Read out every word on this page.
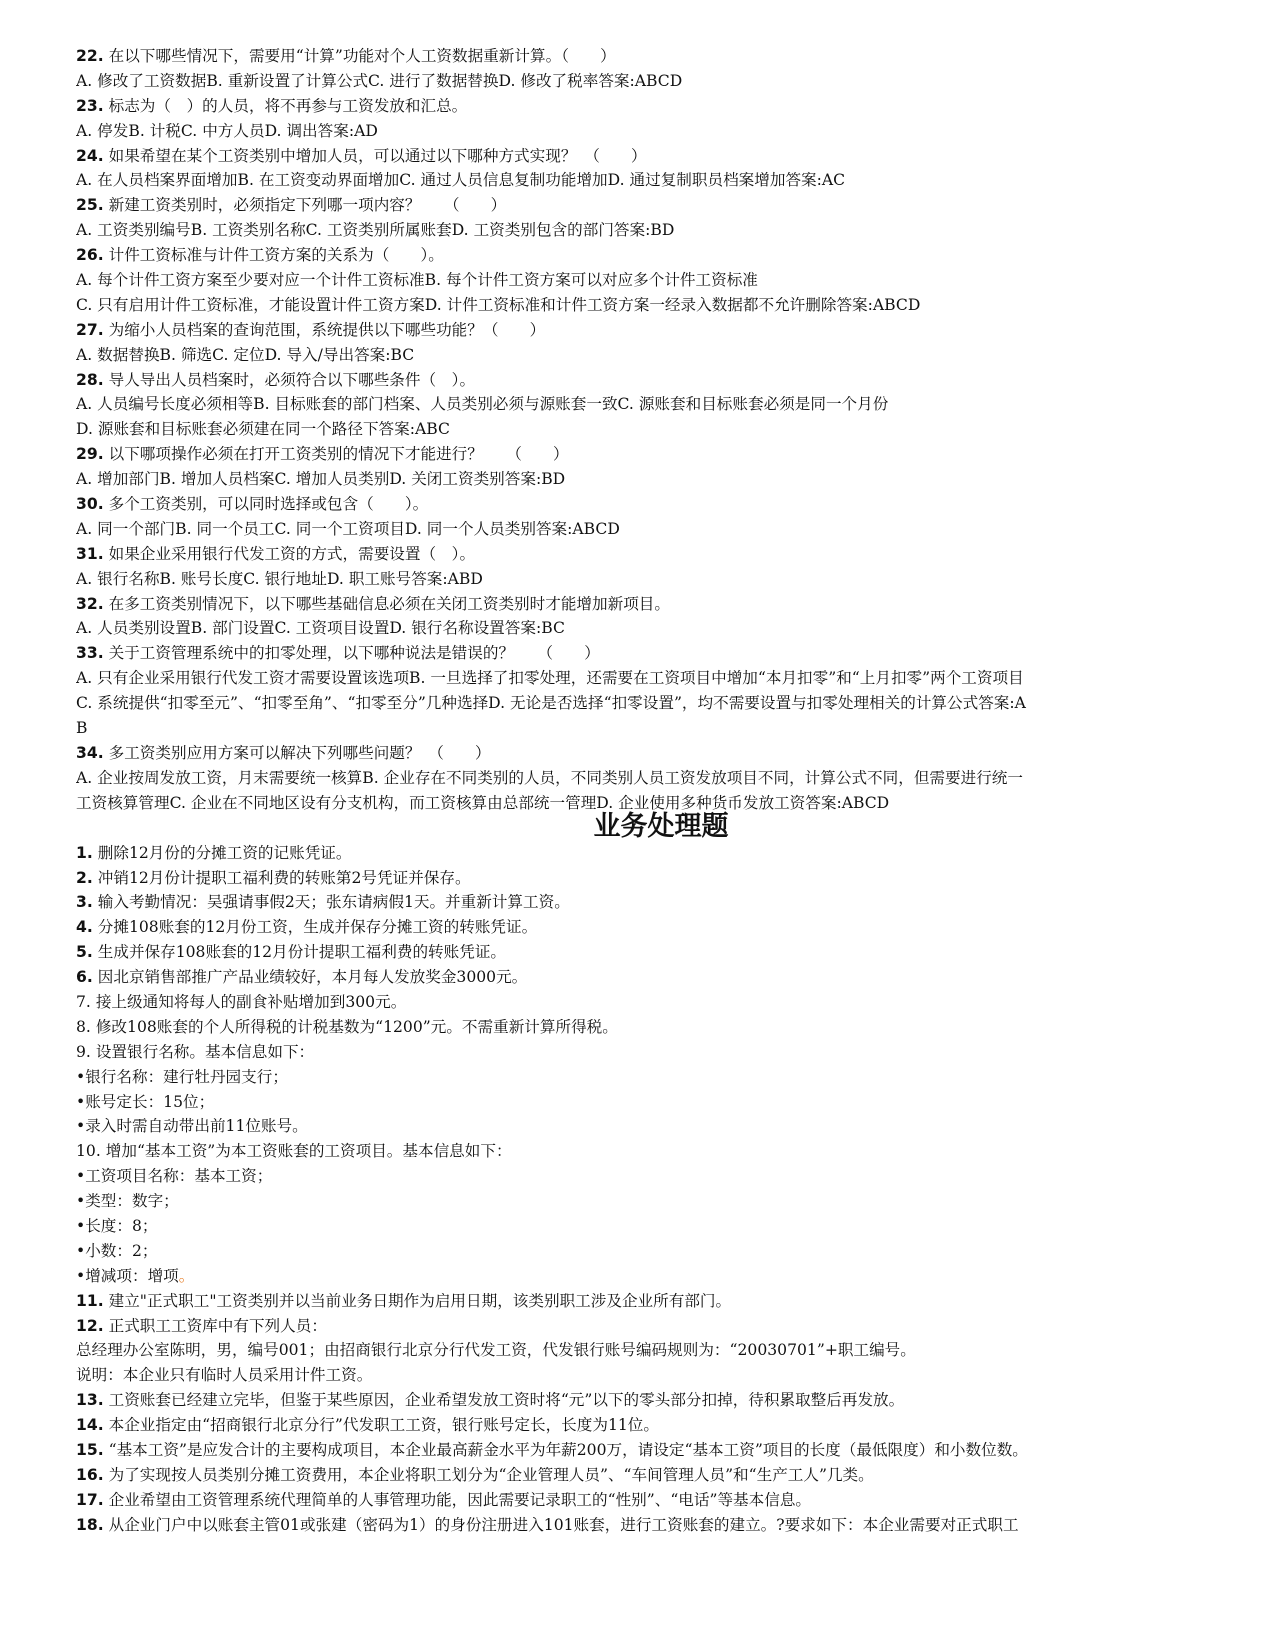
22. 在以下哪些情况下，需要用“计算”功能对个人工资数据重新计算。（　　）
A. 修改了工资数据B. 重新设置了计算公式C. 进行了数据替换D. 修改了税率答案:ABCD
23. 标志为（　）的人员，将不再参与工资发放和汇总。
A. 停发B. 计税C. 中方人员D. 调出答案:AD
24. 如果希望在某个工资类别中增加人员，可以通过以下哪种方式实现？　（　　）
A. 在人员档案界面增加B. 在工资变动界面增加C. 通过人员信息复制功能增加D. 通过复制职员档案增加答案:AC
25. 新建工资类别时，必须指定下列哪一项内容？　　（　　）
A. 工资类别编号B. 工资类别名称C. 工资类别所属账套D. 工资类别包含的部门答案:BD
26. 计件工资标准与计件工资方案的关系为（　　）。
A. 每个计件工资方案至少要对应一个计件工资标准B. 每个计件工资方案可以对应多个计件工资标准
C. 只有启用计件工资标准，才能设置计件工资方案D. 计件工资标准和计件工资方案一经录入数据都不允许删除答案:ABCD
27. 为缩小人员档案的查询范围，系统提供以下哪些功能？（　　）
A. 数据替换B. 筛选C. 定位D. 导入/导出答案:BC
28. 导人导出人员档案时，必须符合以下哪些条件（　）。
A. 人员编号长度必须相等B. 目标账套的部门档案、人员类别必须与源账套一致C. 源账套和目标账套必须是同一个月份
D. 源账套和目标账套必须建在同一个路径下答案:ABC
29. 以下哪项操作必须在打开工资类别的情况下才能进行？　　（　　）
A. 增加部门B. 增加人员档案C. 增加人员类别D. 关闭工资类别答案:BD
30. 多个工资类别，可以同时选择或包含（　　）。
A. 同一个部门B. 同一个员工C. 同一个工资项目D. 同一个人员类别答案:ABCD
31. 如果企业采用银行代发工资的方式，需要设置（　）。
A. 银行名称B. 账号长度C. 银行地址D. 职工账号答案:ABD
32. 在多工资类别情况下，以下哪些基础信息必须在关闭工资类别时才能增加新项目。
A. 人员类别设置B. 部门设置C. 工资项目设置D. 银行名称设置答案:BC
33. 关于工资管理系统中的扣零处理，以下哪种说法是错误的？　　（　　）
A. 只有企业采用银行代发工资才需要设置该选项B. 一旦选择了扣零处理，还需要在工资项目中增加“本月扣零”和“上月扣零”两个工资项目
C. 系统提供“扣零至元”、“扣零至角”、“扣零至分”几种选择D. 无论是否选择“扣零设置”，均不需要设置与扣零处理相关的计算公式答案:A
B
34. 多工资类别应用方案可以解决下列哪些问题？　（　　）
A. 企业按周发放工资，月末需要统一核算B. 企业存在不同类别的人员，不同类别人员工资发放项目不同，计算公式不同，但需要进行统一
工资核算管理C. 企业在不同地区设有分支机构，而工资核算由总部统一管理D. 企业使用多种货币发放工资答案:ABCD
业务处理题
1. 删除12月份的分摊工资的记账凭证。
2. 冲销12月份计提职工福利费的转账第2号凭证并保存。
3. 输入考勤情况：吴强请事假2天；张东请病假1天。并重新计算工资。
4. 分摊108账套的12月份工资，生成并保存分摊工资的转账凭证。
5. 生成并保存108账套的12月份计提职工福利费的转账凭证。
6. 因北京销售部推广产品业绩较好，本月每人发放奖金3000元。
7. 接上级通知将每人的副食补贴增加到300元。
8. 修改108账套的个人所得税的计税基数为“1200”元。不需重新计算所得税。
9. 设置银行名称。基本信息如下：
•银行名称：建行牡丹园支行；
•账号定长：15位；
•录入时需自动带出前11位账号。
10. 增加“基本工资”为本工资账套的工资项目。基本信息如下：
•工资项目名称：基本工资；
•类型：数字；
•长度：8；
•小数：2；
•增减项：增项。
11. 建立"正式职工"工资类别并以当前业务日期作为启用日期，该类别职工涉及企业所有部门。
12. 正式职工工资库中有下列人员：
总经理办公室陈明，男，编号001；由招商银行北京分行代发工资，代发银行账号编码规则为：“20030701”+职工编号。
说明：本企业只有临时人员采用计件工资。
13. 工资账套已经建立完毕，但鉴于某些原因，企业希望发放工资时将“元”以下的零头部分扣掉，待积累取整后再发放。
14. 本企业指定由“招商银行北京分行”代发职工工资，银行账号定长，长度为11位。
15. “基本工资”是应发合计的主要构成项目，本企业最高薪金水平为年薪200万，请设定“基本工资”项目的长度（最低限度）和小数位数。
16. 为了实现按人员类别分摊工资费用，本企业将职工划分为“企业管理人员”、“车间管理人员”和“生产工人”几类。
17. 企业希望由工资管理系统代理简单的人事管理功能，因此需要记录职工的“性别”、“电话”等基本信息。
18. 从企业门户中以账套主管01或张建（密码为1）的身份注册进入101账套，进行工资账套的建立。?要求如下：本企业需要对正式职工
